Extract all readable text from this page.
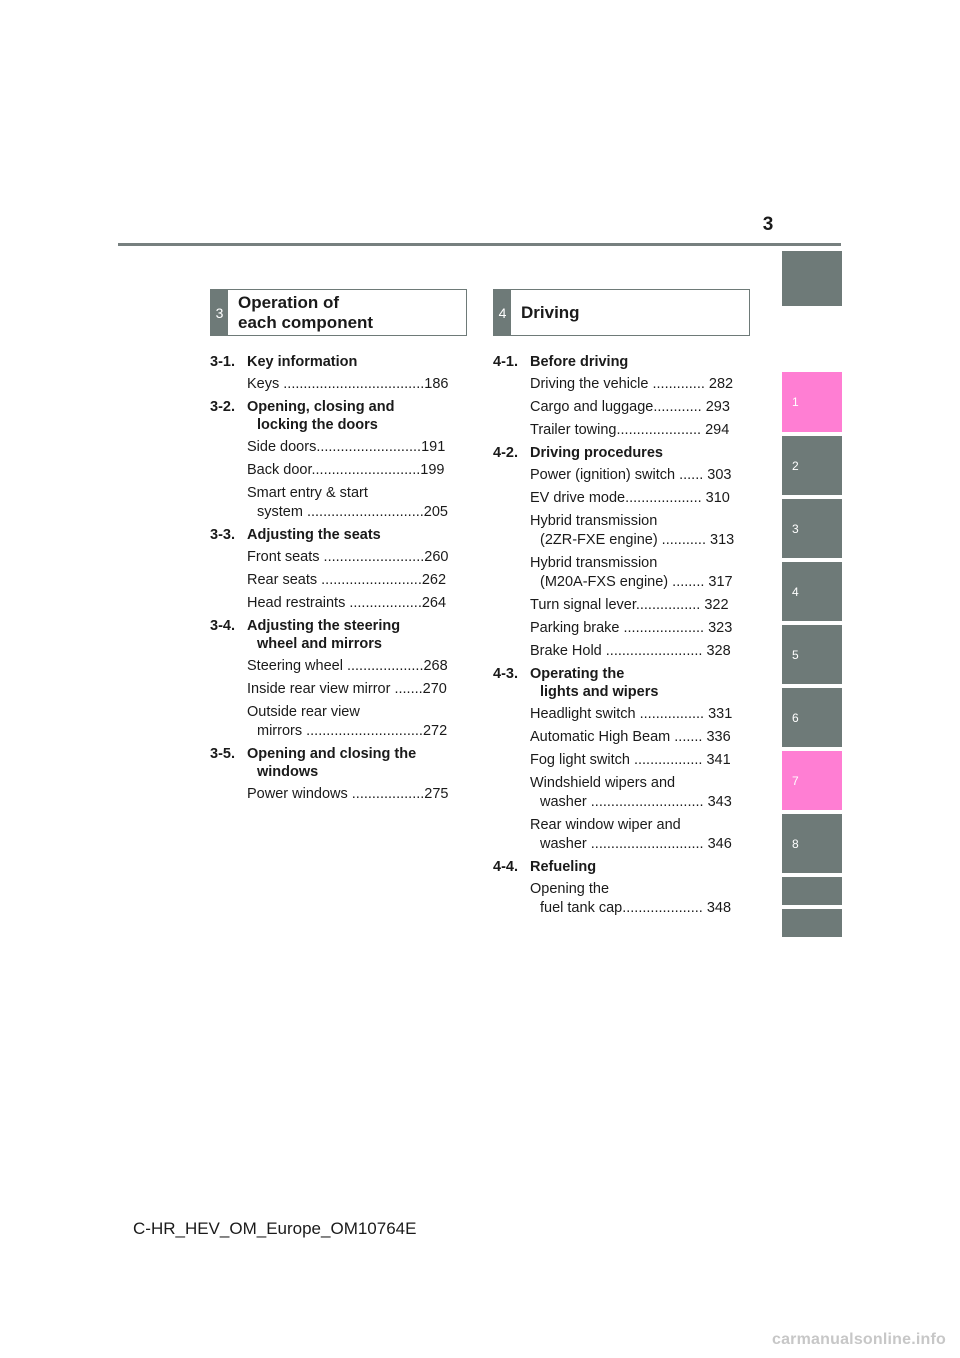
3
1
2
3
4
5
6
7
8
3
Operation of
each component
4 Driving
3-1. Key information
Keys ...................................186
3-2. Opening, closing and
locking the doors
Side doors..........................191
Back door...........................199
Smart entry & start
system .............................205
3-3. Adjusting the seats
Front seats .........................260
Rear seats .........................262
Head restraints ..................264
3-4. Adjusting the steering
wheel and mirrors
Steering wheel ...................268
Inside rear view mirror .......270
Outside rear view
mirrors .............................272
3-5. Opening and closing the
windows
Power windows ..................275
4-1. Before driving
Driving the vehicle ............. 282
Cargo and luggage............ 293
Trailer towing..................... 294
4-2. Driving procedures
Power (ignition) switch ...... 303
EV drive mode................... 310
Hybrid transmission
(2ZR-FXE engine) ........... 313
Hybrid transmission
(M20A-FXS engine) ........ 317
Turn signal lever................ 322
Parking brake .................... 323
Brake Hold ........................ 328
4-3. Operating the
lights and wipers
Headlight switch ................ 331
Automatic High Beam ....... 336
Fog light switch ................. 341
Windshield wipers and
washer ............................ 343
Rear window wiper and
washer ............................ 346
4-4. Refueling
Opening the
fuel tank cap.................... 348
C-HR_HEV_OM_Europe_OM10764E
carmanualsonline.info
